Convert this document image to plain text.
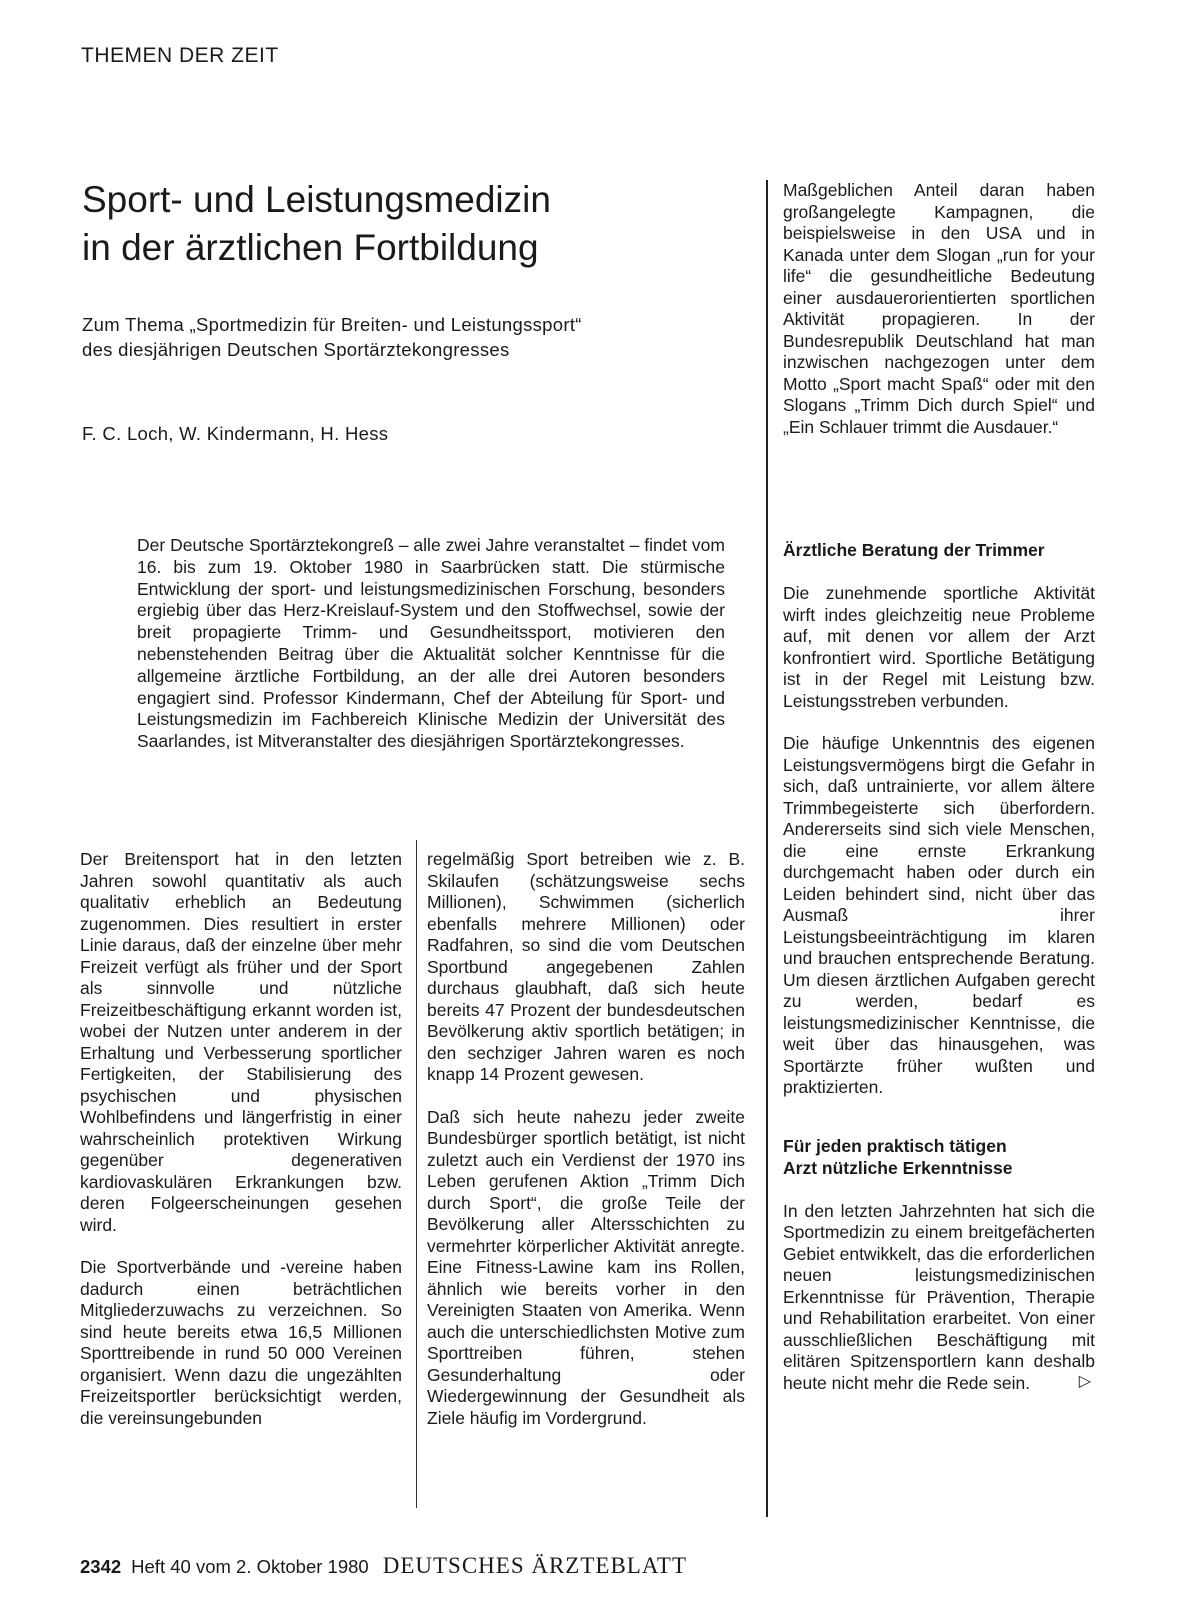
THEMEN DER ZEIT
Sport- und Leistungsmedizin
in der ärztlichen Fortbildung
Zum Thema „Sportmedizin für Breiten- und Leistungssport“
des diesjährigen Deutschen Sportärztekongresses
F. C. Loch, W. Kindermann, H. Hess
Der Deutsche Sportärztekongreß – alle zwei Jahre veranstaltet – findet vom 16. bis zum 19. Oktober 1980 in Saarbrücken statt. Die stürmische Entwicklung der sport- und leistungsmedizinischen Forschung, besonders ergiebig über das Herz-Kreislauf-System und den Stoffwechsel, sowie der breit propagierte Trimm- und Gesundheitssport, motivieren den nebenstehenden Beitrag über die Aktualität solcher Kenntnisse für die allgemeine ärztliche Fortbildung, an der alle drei Autoren besonders engagiert sind. Professor Kindermann, Chef der Abteilung für Sport- und Leistungsmedizin im Fachbereich Klinische Medizin der Universität des Saarlandes, ist Mitveranstalter des diesjährigen Sportärztekongresses.

Der Breitensport hat in den letzten Jahren sowohl quantitativ als auch qualitativ erheblich an Bedeutung zugenommen. Dies resultiert in erster Linie daraus, daß der einzelne über mehr Freizeit verfügt als früher und der Sport als sinnvolle und nützliche Freizeitbeschäftigung erkannt worden ist, wobei der Nutzen unter anderem in der Erhaltung und Verbesserung sportlicher Fertigkeiten, der Stabilisierung des psychischen und physischen Wohlbefindens und längerfristig in einer wahrscheinlich protektiven Wirkung gegenüber degenerativen kardiovaskulären Erkrankungen bzw. deren Folgeerscheinungen gesehen wird.

Die Sportverbände und -vereine haben dadurch einen beträchtlichen Mitgliederzuwachs zu verzeichnen. So sind heute bereits etwa 16,5 Millionen Sporttreibende in rund 50 000 Vereinen organisiert. Wenn dazu die ungezählten Freizeitsportler berücksichtigt werden, die vereinsungebunden

regelmäßig Sport betreiben wie z. B. Skilaufen (schätzungsweise sechs Millionen), Schwimmen (sicherlich ebenfalls mehrere Millionen) oder Radfahren, so sind die vom Deutschen Sportbund angegebenen Zahlen durchaus glaubhaft, daß sich heute bereits 47 Prozent der bundesdeutschen Bevölkerung aktiv sportlich betätigen; in den sechziger Jahren waren es noch knapp 14 Prozent gewesen.

Daß sich heute nahezu jeder zweite Bundesbürger sportlich betätigt, ist nicht zuletzt auch ein Verdienst der 1970 ins Leben gerufenen Aktion „Trimm Dich durch Sport“, die große Teile der Bevölkerung aller Altersschichten zu vermehrter körperlicher Aktivität anregte. Eine Fitness-Lawine kam ins Rollen, ähnlich wie bereits vorher in den Vereinigten Staaten von Amerika. Wenn auch die unterschiedlichsten Motive zum Sporttreiben führen, stehen Gesunderhaltung oder Wiedergewinnung der Gesundheit als Ziele häufig im Vordergrund.

Maßgeblichen Anteil daran haben großangelegte Kampagnen, die beispielsweise in den USA und in Kanada unter dem Slogan „run for your life“ die gesundheitliche Bedeutung einer ausdauerorientierten sportlichen Aktivität propagieren. In der Bundesrepublik Deutschland hat man inzwischen nachgezogen unter dem Motto „Sport macht Spaß“ oder mit den Slogans „Trimm Dich durch Spiel“ und „Ein Schlauer trimmt die Ausdauer.“

Ärztliche Beratung der Trimmer

Die zunehmende sportliche Aktivität wirft indes gleichzeitig neue Probleme auf, mit denen vor allem der Arzt konfrontiert wird. Sportliche Betätigung ist in der Regel mit Leistung bzw. Leistungsstreben verbunden.

Die häufige Unkenntnis des eigenen Leistungsvermögens birgt die Gefahr in sich, daß untrainierte, vor allem ältere Trimmbegeisterte sich überfordern. Andererseits sind sich viele Menschen, die eine ernste Erkrankung durchgemacht haben oder durch ein Leiden behindert sind, nicht über das Ausmaß ihrer Leistungsbeeinträchtigung im klaren und brauchen entsprechende Beratung. Um diesen ärztlichen Aufgaben gerecht zu werden, bedarf es leistungsmedizinischer Kenntnisse, die weit über das hinausgehen, was Sportärzte früher wußten und praktizierten.

Für jeden praktisch tätigen
Arzt nützliche Erkenntnisse

In den letzten Jahrzehnten hat sich die Sportmedizin zu einem breitgefächerten Gebiet entwikkelt, das die erforderlichen neuen leistungsmedizinischen Erkenntnisse für Prävention, Therapie und Rehabilitation erarbeitet. Von einer ausschließlichen Beschäftigung mit elitären Spitzensportlern kann deshalb heute nicht mehr die Rede sein.	▷
2342 Heft 40 vom 2. Oktober 1980 DEUTSCHES ÄRZTEBLATT
